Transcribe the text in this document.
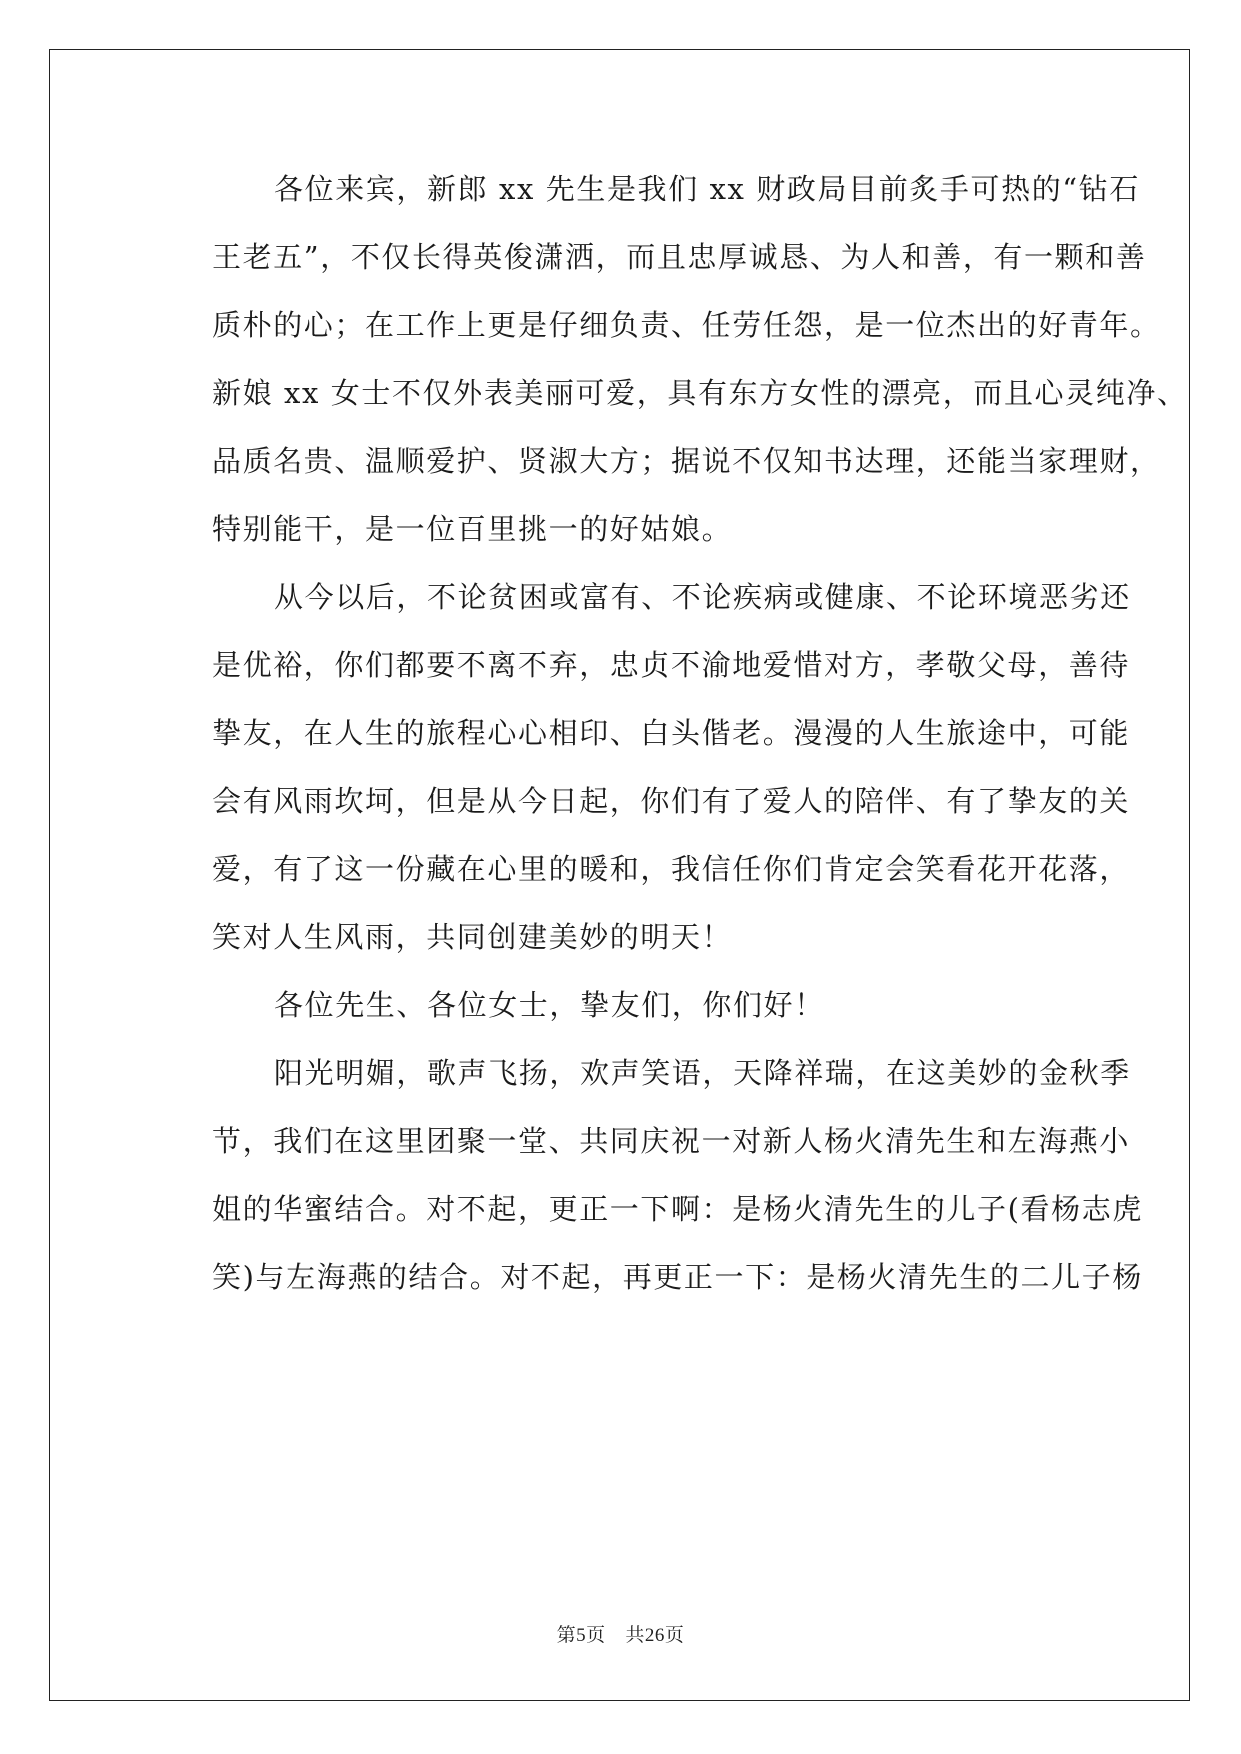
各位来宾，新郎 xx 先生是我们 xx 财政局目前炙手可热的“钻石
王老五”，不仅长得英俊潇洒，而且忠厚诚恳、为人和善，有一颗和善
质朴的心；在工作上更是仔细负责、任劳任怨，是一位杰出的好青年。
新娘 xx 女士不仅外表美丽可爱，具有东方女性的漂亮，而且心灵纯净、
品质名贵、温顺爱护、贤淑大方；据说不仅知书达理，还能当家理财，
特别能干，是一位百里挑一的好姑娘。
从今以后，不论贫困或富有、不论疾病或健康、不论环境恶劣还
是优裕，你们都要不离不弃，忠贞不渝地爱惜对方，孝敬父母，善待
挚友，在人生的旅程心心相印、白头偕老。漫漫的人生旅途中，可能
会有风雨坎坷，但是从今日起，你们有了爱人的陪伴、有了挚友的关
爱，有了这一份藏在心里的暖和，我信任你们肯定会笑看花开花落，
笑对人生风雨，共同创建美妙的明天！
各位先生、各位女士，挚友们，你们好！
阳光明媚，歌声飞扬，欢声笑语，天降祥瑞，在这美妙的金秋季
节，我们在这里团聚一堂、共同庆祝一对新人杨火清先生和左海燕小
姐的华蜜结合。对不起，更正一下啊：是杨火清先生的儿子(看杨志虎
笑)与左海燕的结合。对不起，再更正一下：是杨火清先生的二儿子杨
第5页 共26页
